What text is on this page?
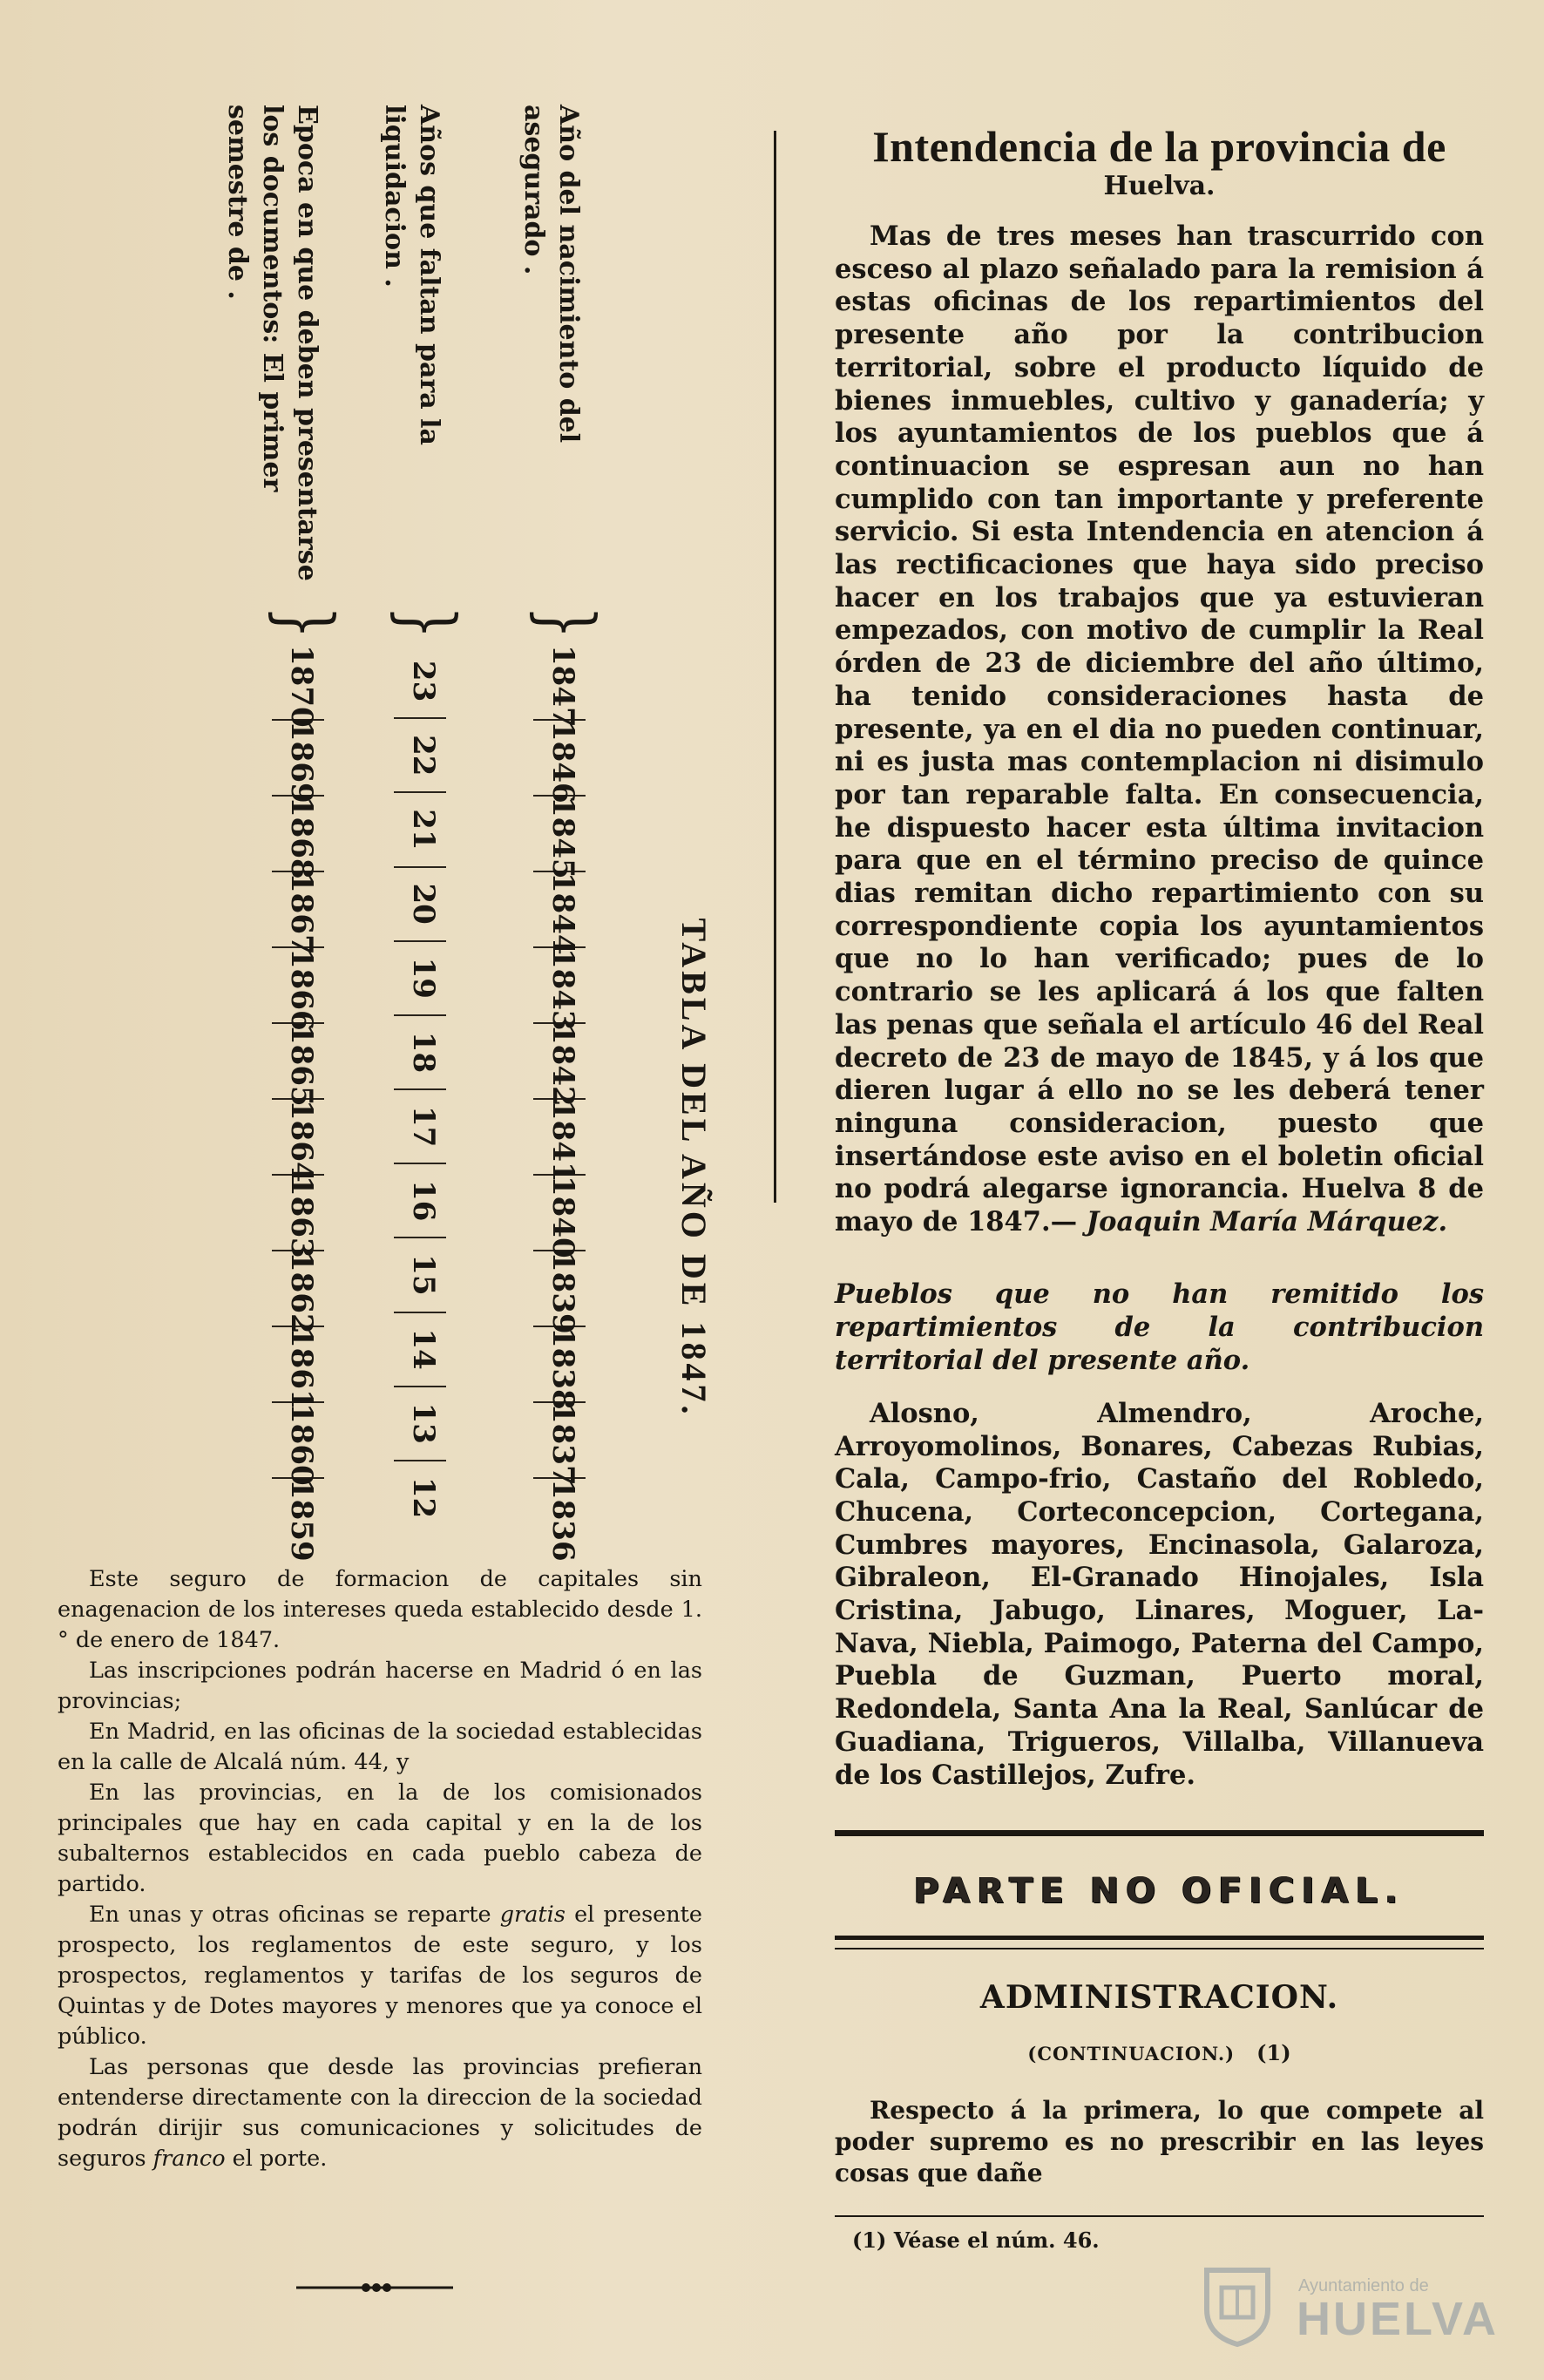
TABLA DEL AÑO DE 1847.
Año del nacimiento del asegurado .
}
1847
1846
1845
1844
1843
1842
1841
1840
1839
1838
1837
1836
Años que faltan para la liquidacion .
}
23
22
21
20
19
18
17
16
15
14
13
12
Epoca en que deben presentarse los documentos: El primer semestre de .
}
1870
1869
1868
1867
1866
1865
1864
1863
1862
1861
1860
1859

Este seguro de formacion de capitales sin enagenacion de los intereses queda establecido desde 1.° de enero de 1847.

Las inscripciones podrán hacerse en Madrid ó en las provincias;

En Madrid, en las oficinas de la sociedad establecidas en la calle de Alcalá núm. 44, y

En las provincias, en la de los comisionados principales que hay en cada capital y en la de los subalternos establecidos en cada pueblo cabeza de partido.

En unas y otras oficinas se reparte gratis el presente prospecto, los reglamentos de este seguro, y los prospectos, reglamentos y tarifas de los seguros de Quintas y de Dotes mayores y menores que ya conoce el público.

Las personas que desde las provincias prefieran entenderse directamente con la direccion de la sociedad podrán dirijir sus comunicaciones y solicitudes de seguros franco el porte.

Intendencia de la provincia de
Huelva.

Mas de tres meses han trascurrido con esceso al plazo señalado para la remision á estas oficinas de los repartimientos del presente año por la contribucion territorial, sobre el producto líquido de bienes inmuebles, cultivo y ganadería; y los ayuntamientos de los pueblos que á continuacion se espresan aun no han cumplido con tan importante y preferente servicio. Si esta Intendencia en atencion á las rectificaciones que haya sido preciso hacer en los trabajos que ya estuvieran empezados, con motivo de cumplir la Real órden de 23 de diciembre del año último, ha tenido consideraciones hasta de presente, ya en el dia no pueden continuar, ni es justa mas contemplacion ni disimulo por tan reparable falta. En consecuencia, he dispuesto hacer esta última invitacion para que en el término preciso de quince dias remitan dicho repartimiento con su correspondiente copia los ayuntamientos que no lo han verificado; pues de lo contrario se les aplicará á los que falten las penas que señala el artículo 46 del Real decreto de 23 de mayo de 1845, y á los que dieren lugar á ello no se les deberá tener ninguna consideracion, puesto que insertándose este aviso en el boletin oficial no podrá alegarse ignorancia. Huelva 8 de mayo de 1847.— Joaquin María Márquez.

Pueblos que no han remitido los repartimientos de la contribucion territorial del presente año.

Alosno, Almendro, Aroche, Arroyomolinos, Bonares, Cabezas Rubias, Cala, Campo-frio, Castaño del Robledo, Chucena, Corteconcepcion, Cortegana, Cumbres mayores, Encinasola, Galaroza, Gibraleon, El-Granado Hinojales, Isla Cristina, Jabugo, Linares, Moguer, La-Nava, Niebla, Paimogo, Paterna del Campo, Puebla de Guzman, Puerto moral, Redondela, Santa Ana la Real, Sanlúcar de Guadiana, Trigueros, Villalba, Villanueva de los Castillejos, Zufre.

PARTE NO OFICIAL.
ADMINISTRACION.
(CONTINUACION.) (1)

Respecto á la primera, lo que compete al poder supremo es no prescribir en las leyes cosas que dañe

(1) Véase el núm. 46.
Ayuntamiento de
HUELVA
